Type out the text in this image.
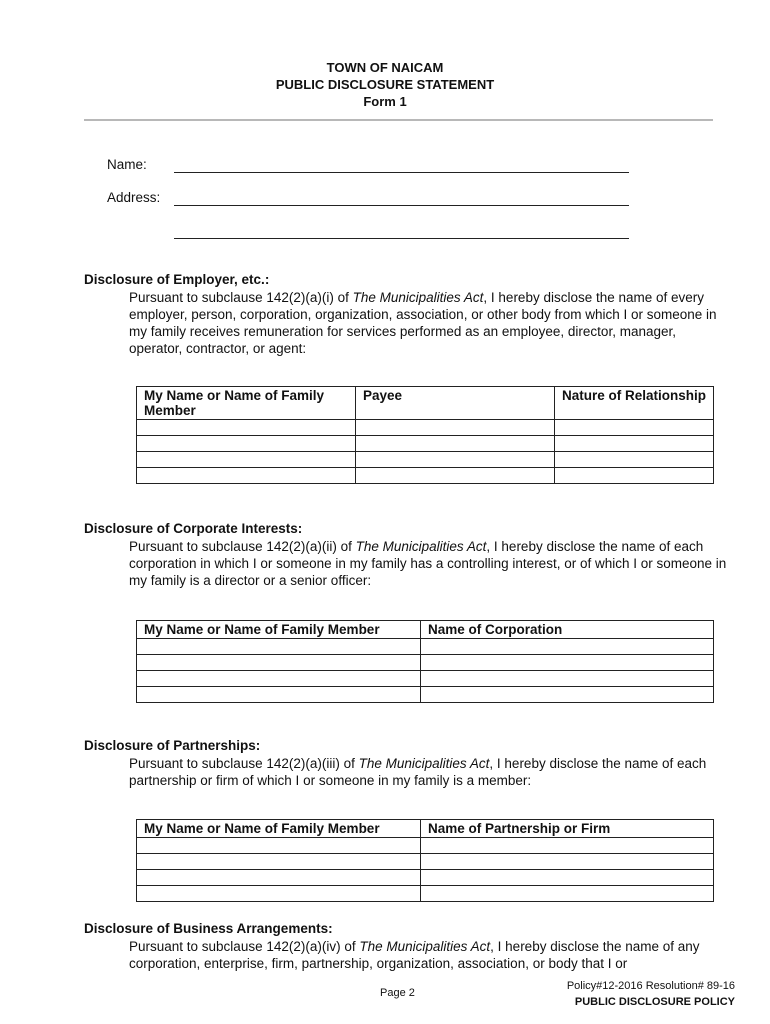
TOWN OF NAICAM
PUBLIC DISCLOSURE STATEMENT
Form 1
Name:
Address:
Disclosure of Employer, etc.:
Pursuant to subclause 142(2)(a)(i) of The Municipalities Act, I hereby disclose the name of every employer, person, corporation, organization, association, or other body from which I or someone in my family receives remuneration for services performed as an employee, director, manager, operator, contractor, or agent:
My Name or Name of Family Member	Payee	Nature of Relationship

Disclosure of Corporate Interests:
Pursuant to subclause 142(2)(a)(ii) of The Municipalities Act, I hereby disclose the name of each corporation in which I or someone in my family has a controlling interest, or of which I or someone in my family is a director or a senior officer:
My Name or Name of Family Member	Name of Corporation

Disclosure of Partnerships:
Pursuant to subclause 142(2)(a)(iii) of The Municipalities Act, I hereby disclose the name of each partnership or firm of which I or someone in my family is a member:
My Name or Name of Family Member	Name of Partnership or Firm

Disclosure of Business Arrangements:
Pursuant to subclause 142(2)(a)(iv) of The Municipalities Act, I hereby disclose the name of any corporation, enterprise, firm, partnership, organization, association, or body that I or
Page 2
Policy#12-2016 Resolution# 89-16
PUBLIC DISCLOSURE POLICY
